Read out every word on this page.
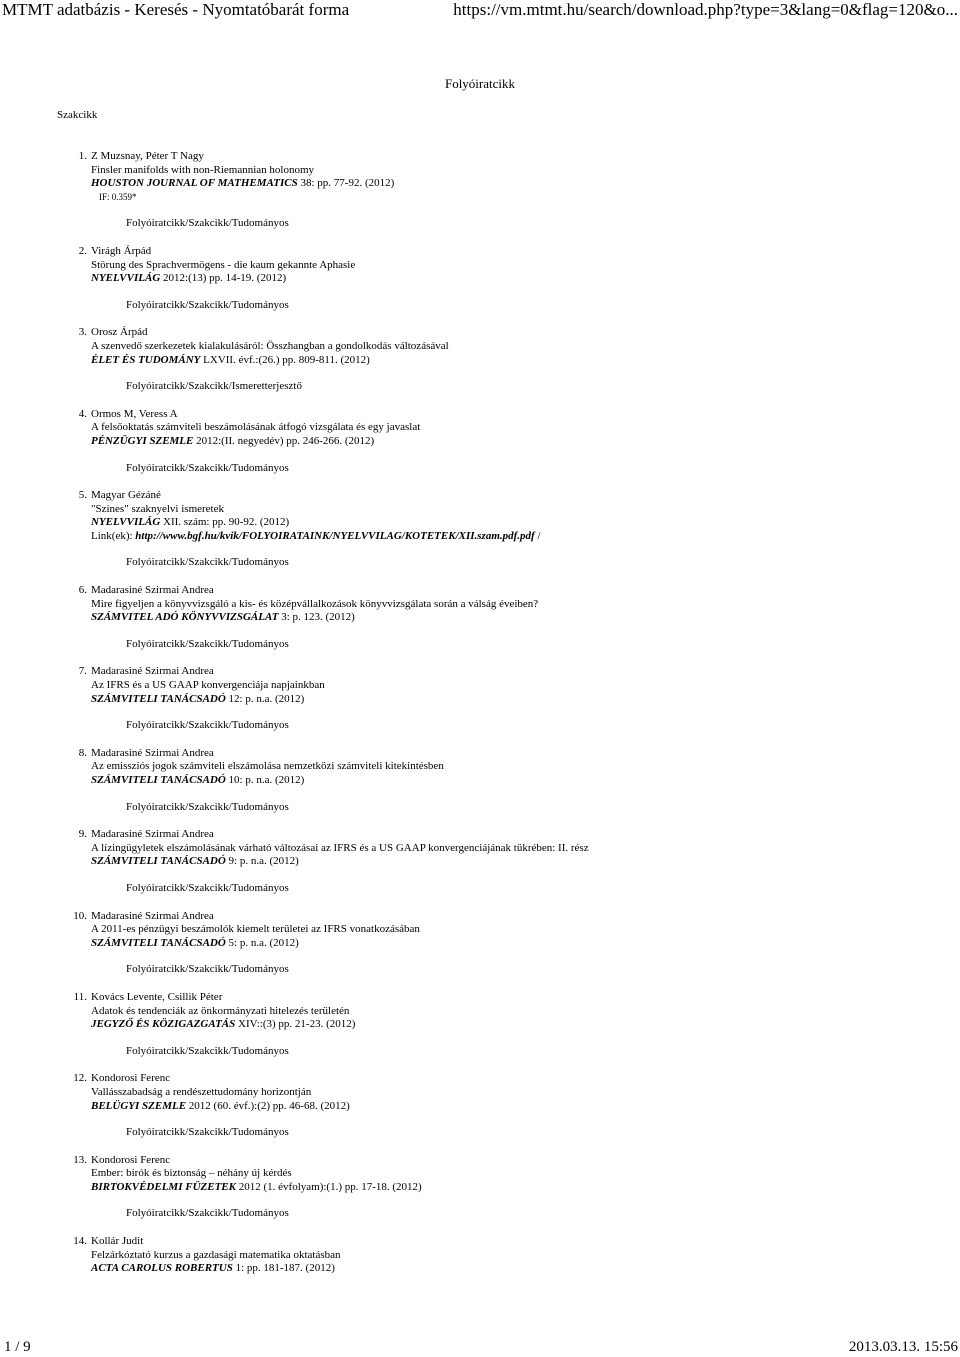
MTMT adatbázis - Keresés - Nyomtatóbarát forma	https://vm.mtmt.hu/search/download.php?type=3&lang=0&flag=120&o...
Folyóiratcikk
Szakcikk
1. Z Muzsnay, Péter T Nagy
Finsler manifolds with non-Riemannian holonomy
HOUSTON JOURNAL OF MATHEMATICS 38: pp. 77-92. (2012)
IF: 0.359*
Folyóiratcikk/Szakcikk/Tudományos
2. Virágh Árpád
Störung des Sprachvermögens - die kaum gekannte Aphasie
NYELVVILÁG 2012:(13) pp. 14-19. (2012)
Folyóiratcikk/Szakcikk/Tudományos
3. Orosz Árpád
A szenvedő szerkezetek kialakulásáról: Összhangban a gondolkodás változásával
ÉLET ÉS TUDOMÁNY LXVII. évf.:(26.) pp. 809-811. (2012)
Folyóiratcikk/Szakcikk/Ismeretterjesztő
4. Ormos M, Veress A
A felsőoktatás számviteli beszámolásának átfogó vizsgálata és egy javaslat
PÉNZÜGYI SZEMLE 2012:(II. negyedév) pp. 246-266. (2012)
Folyóiratcikk/Szakcikk/Tudományos
5. Magyar Gézáné
"Színes" szaknyelvi ismeretek
NYELVVILÁG XII. szám: pp. 90-92. (2012)
Link(ek): http://www.bgf.hu/kvik/FOLYOIRATAINK/NYELVVILAG/KOTETEK/XII.szam.pdf.pdf /
Folyóiratcikk/Szakcikk/Tudományos
6. Madarasiné Szirmai Andrea
Mire figyeljen a könyvvizsgáló a kis- és középvállalkozások könyvvizsgálata során a válság éveiben?
SZÁMVITEL ADÓ KÖNYVVIZSGÁLAT 3: p. 123. (2012)
Folyóiratcikk/Szakcikk/Tudományos
7. Madarasiné Szirmai Andrea
Az IFRS és a US GAAP konvergenciája napjainkban
SZÁMVITELI TANÁCSADÓ 12: p. n.a. (2012)
Folyóiratcikk/Szakcikk/Tudományos
8. Madarasiné Szirmai Andrea
Az emissziós jogok számviteli elszámolása nemzetközi számviteli kitekintésben
SZÁMVITELI TANÁCSADÓ 10: p. n.a. (2012)
Folyóiratcikk/Szakcikk/Tudományos
9. Madarasiné Szirmai Andrea
A lízingügyletek elszámolásának várható változásai az IFRS és a US GAAP konvergenciájának tükrében: II. rész
SZÁMVITELI TANÁCSADÓ 9: p. n.a. (2012)
Folyóiratcikk/Szakcikk/Tudományos
10. Madarasiné Szirmai Andrea
A 2011-es pénzügyi beszámolók kiemelt területei az IFRS vonatkozásában
SZÁMVITELI TANÁCSADÓ 5: p. n.a. (2012)
Folyóiratcikk/Szakcikk/Tudományos
11. Kovács Levente, Csillik Péter
Adatok és tendenciák az önkormányzati hitelezés területén
JEGYZŐ ÉS KÖZIGAZGATÁS XIV::(3) pp. 21-23. (2012)
Folyóiratcikk/Szakcikk/Tudományos
12. Kondorosi Ferenc
Vallásszabadság a rendészettudomány horizontján
BELÜGYI SZEMLE 2012 (60. évf.):(2) pp. 46-68. (2012)
Folyóiratcikk/Szakcikk/Tudományos
13. Kondorosi Ferenc
Ember: bírók és biztonság – néhány új kérdés
BIRTOKVÉDELMI FÜZETEK 2012 (1. évfolyam):(1.) pp. 17-18. (2012)
Folyóiratcikk/Szakcikk/Tudományos
14. Kollár Judit
Felzárkóztató kurzus a gazdasági matematika oktatásban
ACTA CAROLUS ROBERTUS 1: pp. 181-187. (2012)
1 / 9	2013.03.13. 15:56
